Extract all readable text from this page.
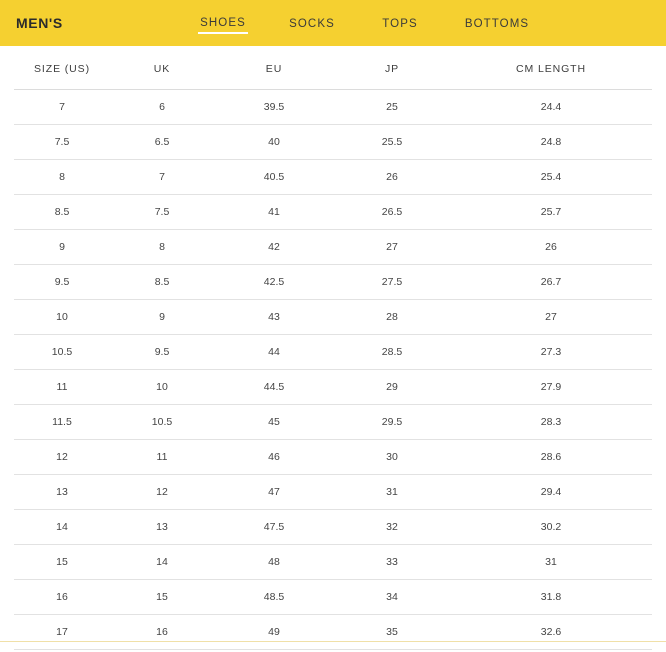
MEN'S	SHOES	SOCKS	TOPS	BOTTOMS
SIZE (US)	UK	EU	JP	CM LENGTH
7	6	39.5	25	24.4
7.5	6.5	40	25.5	24.8
8	7	40.5	26	25.4
8.5	7.5	41	26.5	25.7
9	8	42	27	26
9.5	8.5	42.5	27.5	26.7
10	9	43	28	27
10.5	9.5	44	28.5	27.3
11	10	44.5	29	27.9
11.5	10.5	45	29.5	28.3
12	11	46	30	28.6
13	12	47	31	29.4
14	13	47.5	32	30.2
15	14	48	33	31
16	15	48.5	34	31.8
17	16	49	35	32.6
